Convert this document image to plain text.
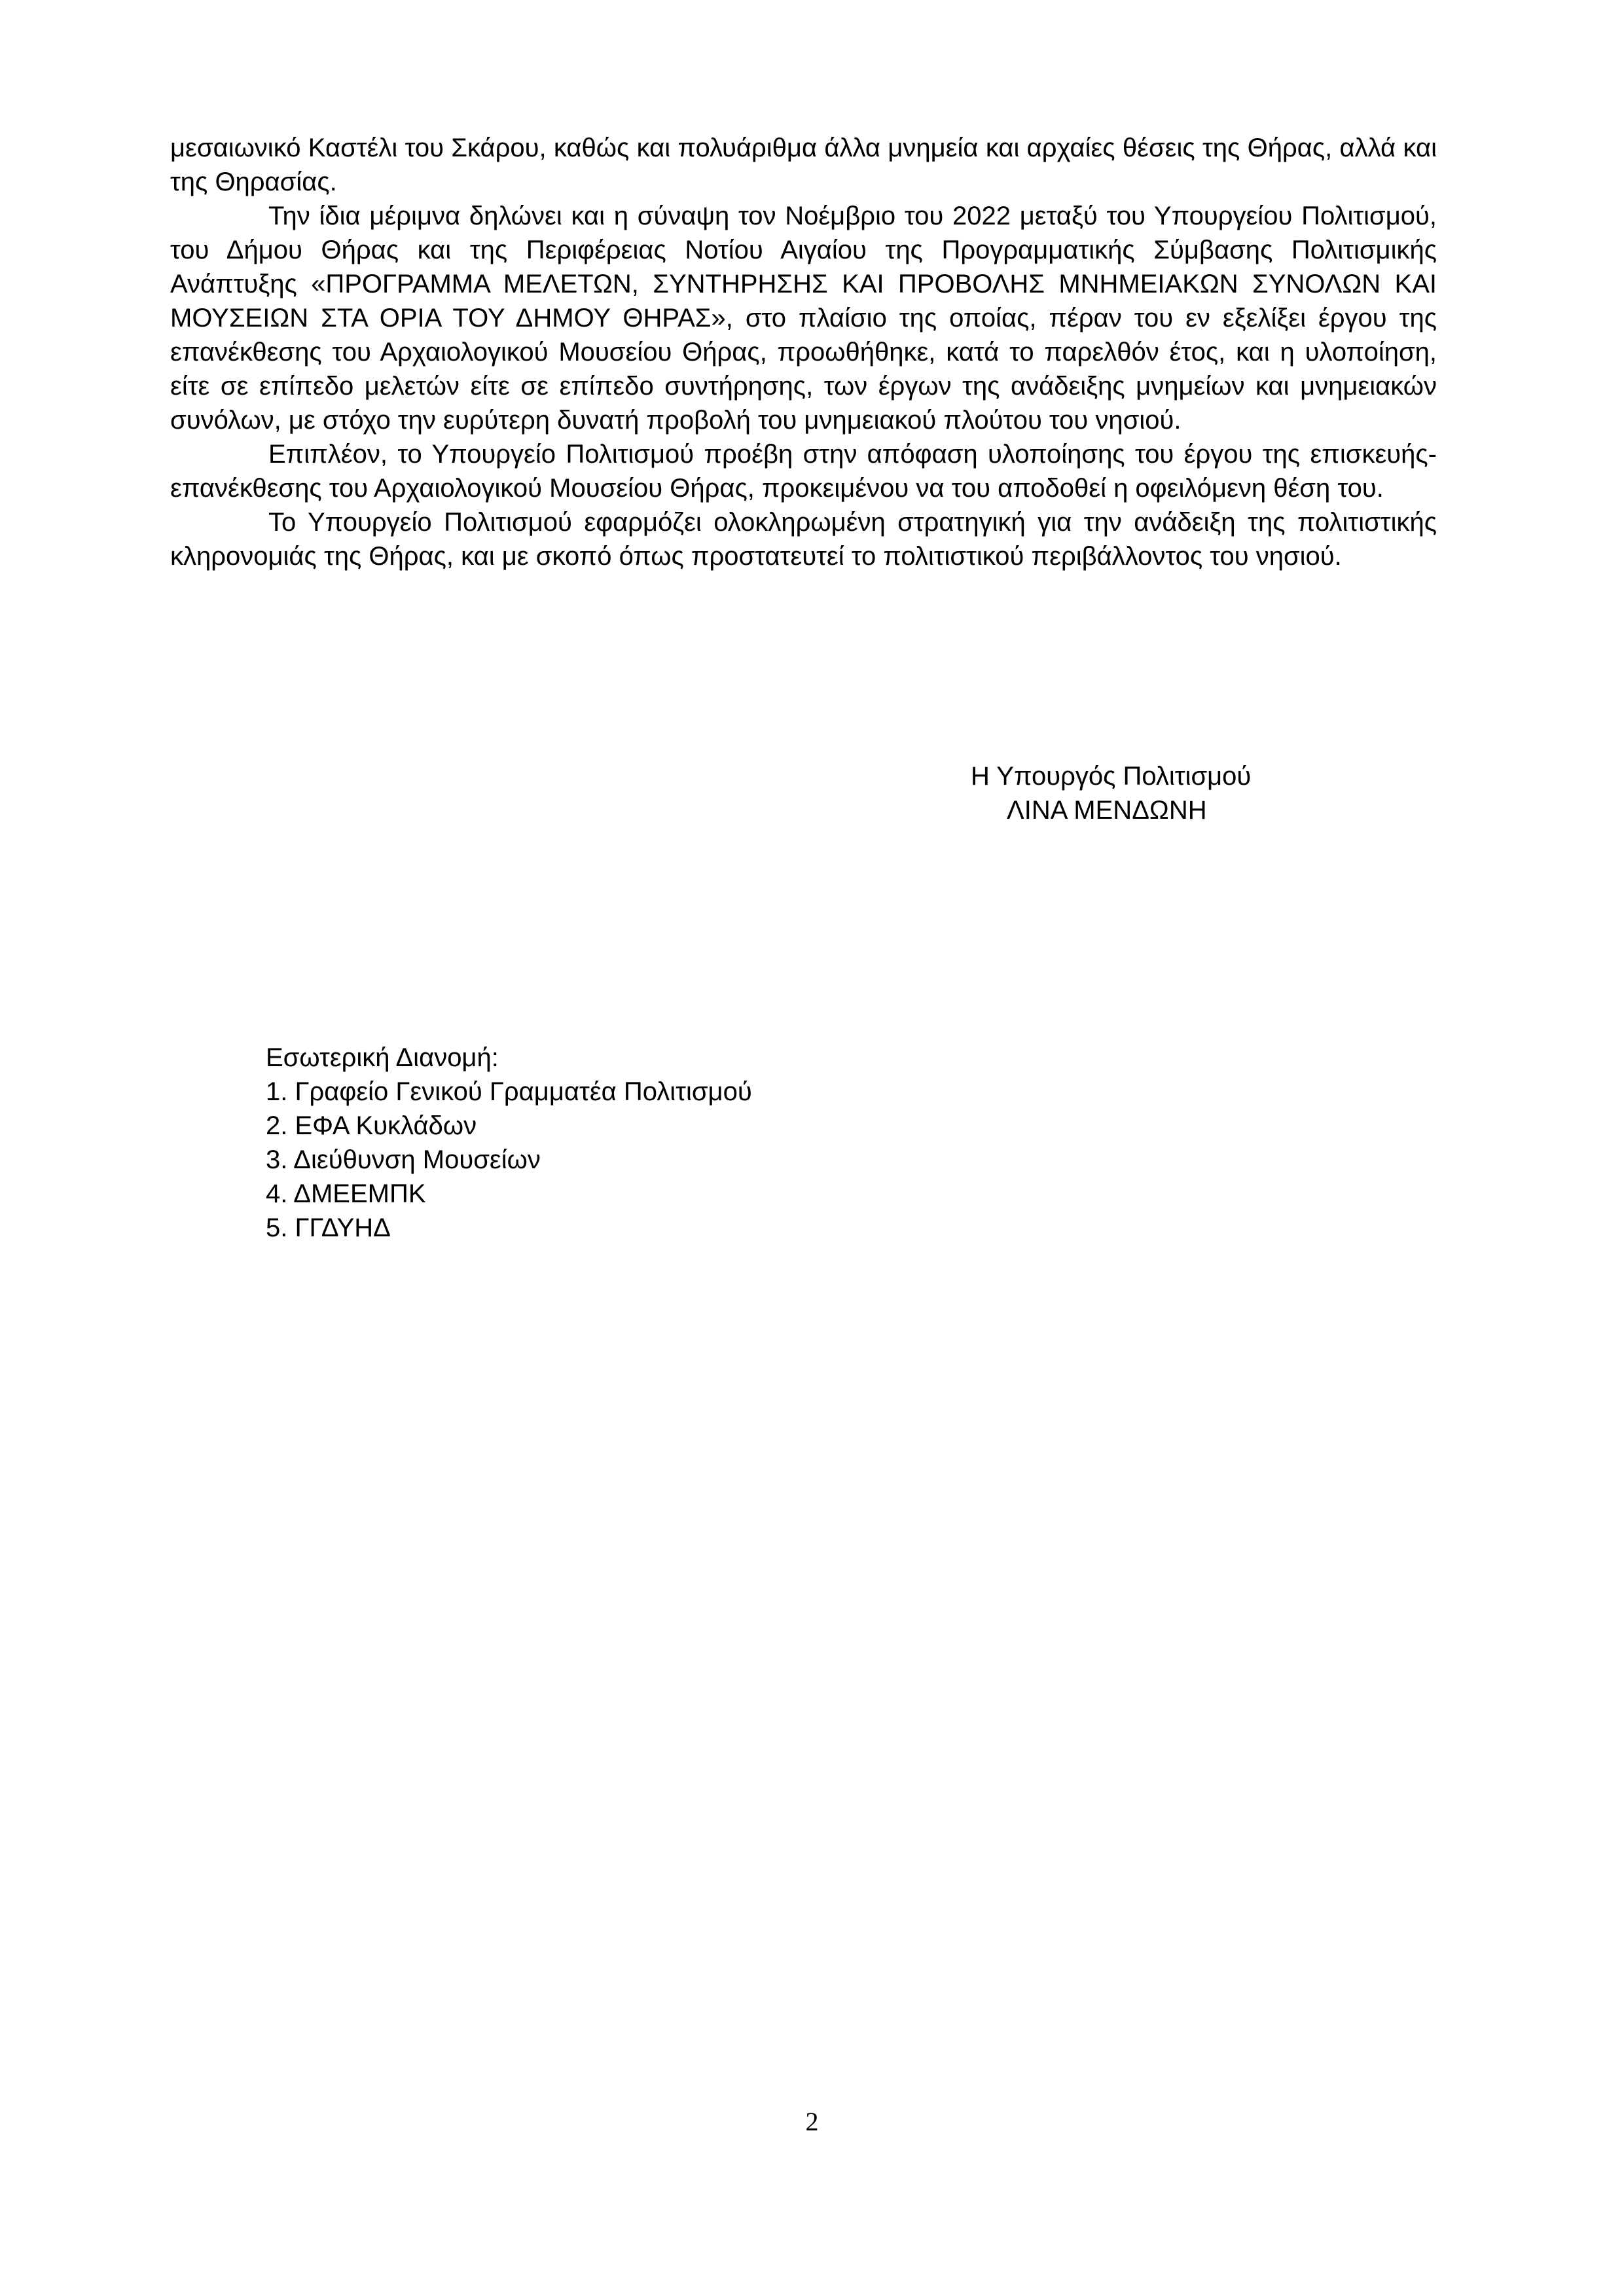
μεσαιωνικό Καστέλι του Σκάρου, καθώς και πολυάριθμα άλλα μνημεία και αρχαίες θέσεις της Θήρας, αλλά και της Θηρασίας.

Την ίδια μέριμνα δηλώνει και η σύναψη τον Νοέμβριο του 2022 μεταξύ του Υπουργείου Πολιτισμού, του Δήμου Θήρας και της Περιφέρειας Νοτίου Αιγαίου της Προγραμματικής Σύμβασης Πολιτισμικής Ανάπτυξης «ΠΡΟΓΡΑΜΜΑ ΜΕΛΕΤΩΝ, ΣΥΝΤΗΡΗΣΗΣ ΚΑΙ ΠΡΟΒΟΛΗΣ ΜΝΗΜΕΙΑΚΩΝ ΣΥΝΟΛΩΝ ΚΑΙ ΜΟΥΣΕΙΩΝ ΣΤΑ ΟΡΙΑ ΤΟΥ ΔΗΜΟΥ ΘΗΡΑΣ», στο πλαίσιο της οποίας, πέραν του εν εξελίξει έργου της επανέκθεσης του Αρχαιολογικού Μουσείου Θήρας, προωθήθηκε, κατά το παρελθόν έτος, και η υλοποίηση, είτε σε επίπεδο μελετών είτε σε επίπεδο συντήρησης, των έργων της ανάδειξης μνημείων και μνημειακών συνόλων, με στόχο την ευρύτερη δυνατή προβολή του μνημειακού πλούτου του νησιού.

Επιπλέον, το Υπουργείο Πολιτισμού προέβη στην απόφαση υλοποίησης του έργου της επισκευής-επανέκθεσης του Αρχαιολογικού Μουσείου Θήρας, προκειμένου να του αποδοθεί η οφειλόμενη θέση του.

Το Υπουργείο Πολιτισμού εφαρμόζει ολοκληρωμένη στρατηγική για την ανάδειξη της πολιτιστικής κληρονομιάς της Θήρας, και με σκοπό όπως προστατευτεί το πολιτιστικού περιβάλλοντος του νησιού.

Η Υπουργός Πολιτισμού
ΛΙΝΑ ΜΕΝΔΩΝΗ
Εσωτερική Διανομή:
1. Γραφείο Γενικού Γραμματέα Πολιτισμού
2. ΕΦΑ Κυκλάδων
3. Διεύθυνση Μουσείων
4. ΔΜΕΕΜΠΚ
5. ΓΓΔΥΗΔ
2
